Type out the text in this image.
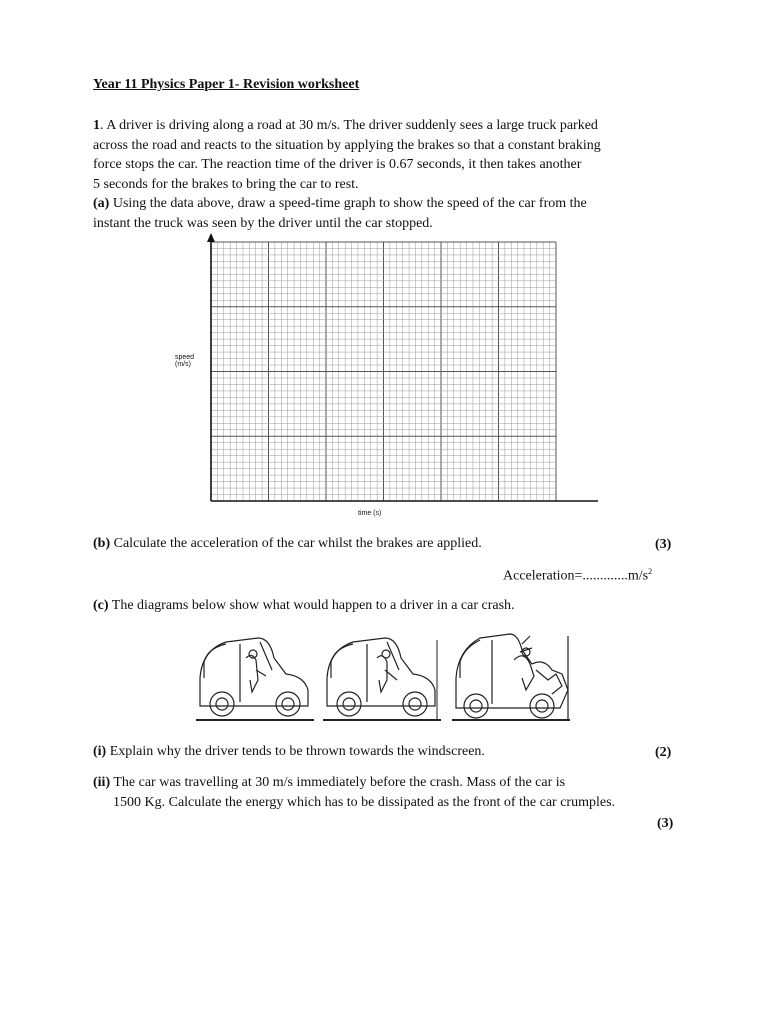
Year 11 Physics Paper 1- Revision worksheet
1. A driver is driving along a road at 30 m/s. The driver suddenly sees a large truck parked
across the road and reacts to the situation by applying the brakes so that a constant braking
force stops the car. The reaction time of the driver is 0.67 seconds, it then takes another
5 seconds for the brakes to bring the car to rest.
(a) Using the data above, draw a speed-time graph to show the speed of the car from the
instant the truck was seen by the driver until the car stopped.
speed
(m/s)
time (s)
(b) Calculate the acceleration of the car whilst the brakes are applied.	(3)
$Acceleration=.............m/s^2$
(c) The diagrams below show what would happen to a driver in a car crash.
(i) Explain why the driver tends to be thrown towards the windscreen.	(2)
(ii) The car was travelling at 30 m/s immediately before the crash. Mass of the car is
1500 Kg. Calculate the energy which has to be dissipated as the front of the car crumples.
(3)
